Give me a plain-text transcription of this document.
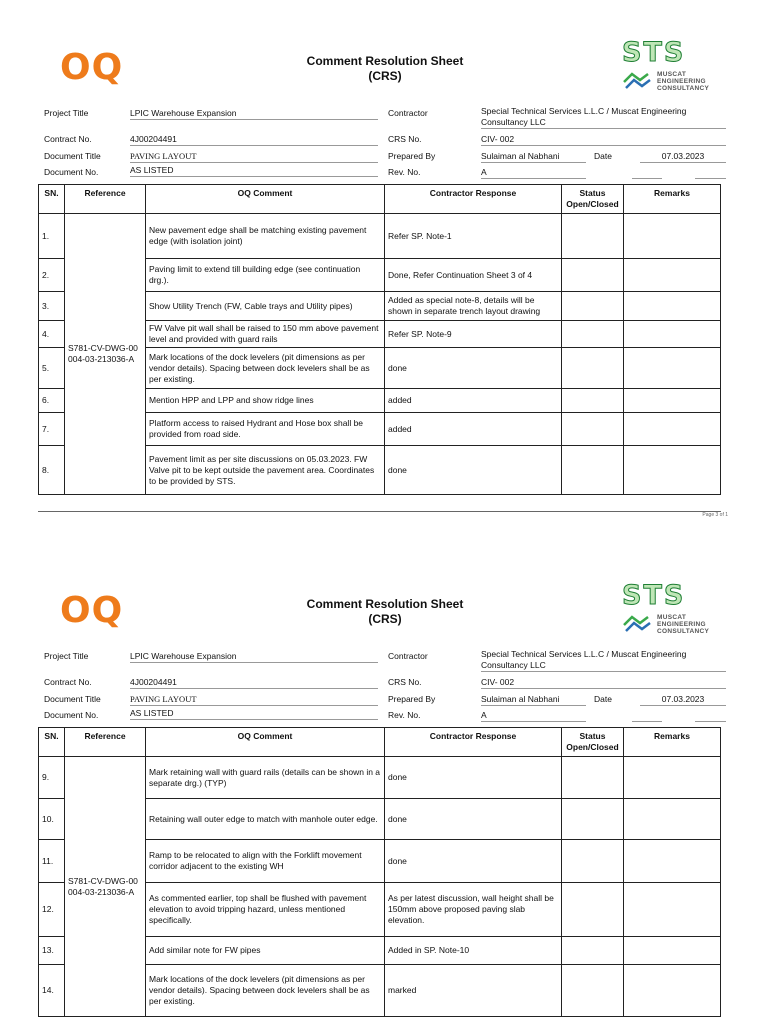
OQ	Comment Resolution Sheet
(CRS)
STS
MUSCAT
ENGINEERING
CONSULTANCY
Project Title	LPIC Warehouse Expansion
Contract No.	4J00204491
Document Title	PAVING LAYOUT
Document No.	AS LISTED
Contractor	Special Technical Services L.L.C / Muscat Engineering
Consultancy LLC
CRS No.	CIV- 002
Prepared By	Sulaiman al Nabhani	Date	07.03.2023
Rev. No.	A
SN.	Reference	OQ Comment	Contractor Response	Status Open/Closed	Remarks
1.	S781-CV-DWG-00004-03-213036-A	New pavement edge shall be matching existing pavement edge (with isolation joint)	Refer SP. Note-1		
2.		Paving limit to extend till building edge (see continuation drg.).	Done, Refer Continuation Sheet 3 of 4		
3.		Show Utility Trench (FW, Cable trays and Utility pipes)	Added as special note-8, details will be shown in separate trench layout drawing		
4.		FW Valve pit wall shall be raised to 150 mm above pavement level and provided with guard rails	Refer SP. Note-9		
5.		Mark locations of the dock levelers (pit dimensions as per vendor details). Spacing between dock levelers shall be as per existing.	done		
6.		Mention HPP and LPP and show ridge lines	added		
7.		Platform access to raised Hydrant and Hose box shall be provided from road side.	added		
8.		Pavement limit as per site discussions on 05.03.2023. FW Valve pit to be kept outside the pavement area. Coordinates to be provided by STS.	done		
Page 3 of 1
OQ	Comment Resolution Sheet
(CRS)
STS
MUSCAT
ENGINEERING
CONSULTANCY
Project Title	LPIC Warehouse Expansion
Contract No.	4J00204491
Document Title	PAVING LAYOUT
Document No.	AS LISTED
Contractor	Special Technical Services L.L.C / Muscat Engineering
Consultancy LLC
CRS No.	CIV- 002
Prepared By	Sulaiman al Nabhani	Date	07.03.2023
Rev. No.	A
SN.	Reference	OQ Comment	Contractor Response	Status Open/Closed	Remarks
9.	S781-CV-DWG-00004-03-213036-A	Mark retaining wall with guard rails (details can be shown in a separate drg.) (TYP)	done		
10.		Retaining wall outer edge to match with manhole outer edge.	done		
11.		Ramp to be relocated to align with the Forklift movement corridor adjacent to the existing WH	done		
12.		As commented earlier, top shall be flushed with pavement elevation to avoid tripping hazard, unless mentioned specifically.	As per latest discussion, wall height shall be 150mm above proposed paving slab elevation.		
13.		Add similar note for FW pipes	Added in SP. Note-10		
14.		Mark locations of the dock levelers (pit dimensions as per vendor details). Spacing between dock levelers shall be as per existing.	marked		
